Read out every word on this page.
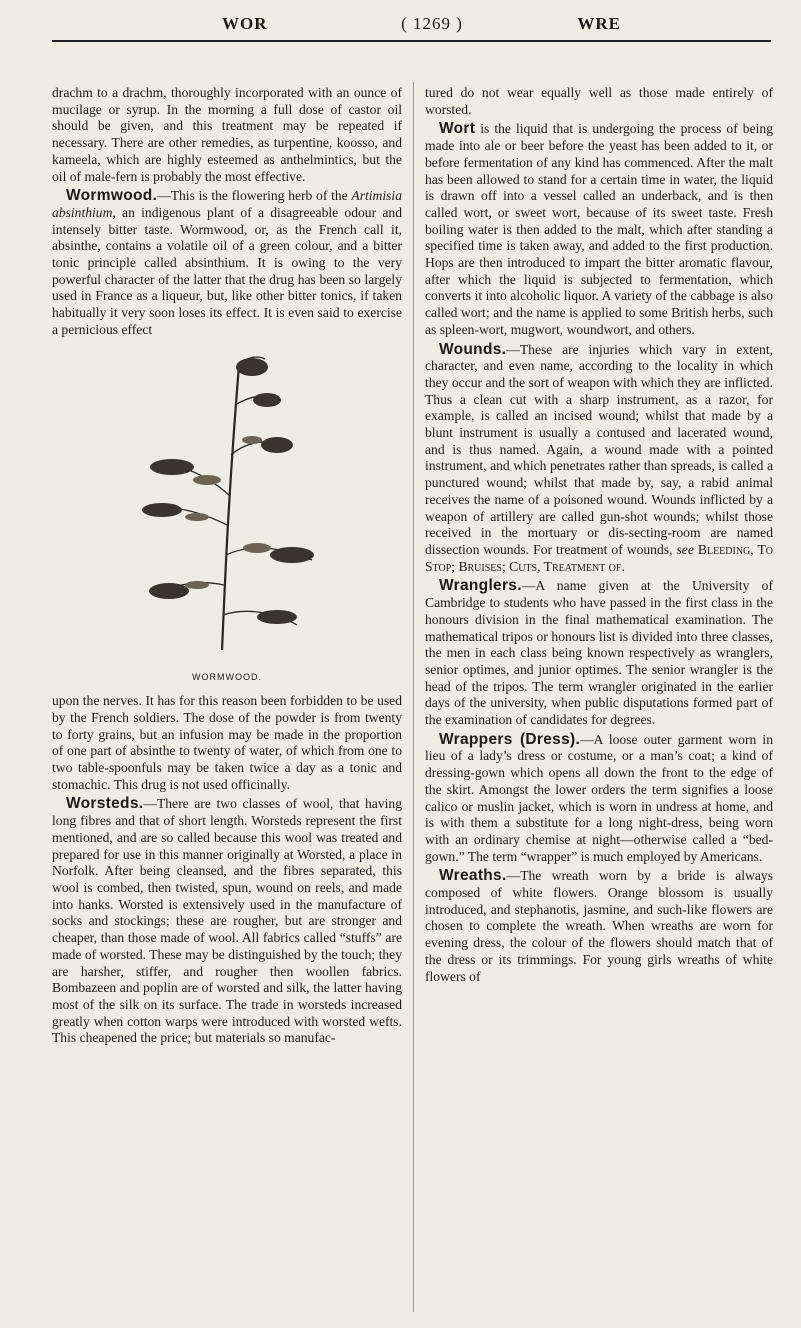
WOR	( 1269 )	WRE

drachm to a drachm, thoroughly incorporated with an ounce of mucilage or syrup. In the morning a full dose of castor oil should be given, and this treatment may be repeated if necessary. There are other remedies, as turpentine, koosso, and kameela, which are highly esteemed as anthelmintics, but the oil of male-fern is probably the most effective.

Wormwood.—This is the flowering herb of the Artimisia absinthium, an indigenous plant of a disagreeable odour and intensely bitter taste. Wormwood, or, as the French call it, absinthe, contains a volatile oil of a green colour, and a bitter tonic principle called absinthium. It is owing to the very powerful character of the latter that the drug has been so largely used in France as a liqueur, but, like other bitter tonics, if taken habitually it very soon loses its effect. It is even said to exercise a pernicious effect

WORMWOOD.

upon the nerves. It has for this reason been forbidden to be used by the French soldiers. The dose of the powder is from twenty to forty grains, but an infusion may be made in the proportion of one part of absinthe to twenty of water, of which from one to two table-spoonfuls may be taken twice a day as a tonic and stomachic. This drug is not used officinally.

Worsteds.—There are two classes of wool, that having long fibres and that of short length. Worsteds represent the first mentioned, and are so called because this wool was treated and prepared for use in this manner originally at Worsted, a place in Norfolk. After being cleansed, and the fibres separated, this wool is combed, then twisted, spun, wound on reels, and made into hanks. Worsted is extensively used in the manufacture of socks and stockings; these are rougher, but are stronger and cheaper, than those made of wool. All fabrics called “stuffs” are made of worsted. These may be distinguished by the touch; they are harsher, stiffer, and rougher then woollen fabrics. Bombazeen and poplin are of worsted and silk, the latter having most of the silk on its surface. The trade in worsteds increased greatly when cotton warps were introduced with worsted wefts. This cheapened the price; but materials so manufac-

tured do not wear equally well as those made entirely of worsted.

Wort is the liquid that is undergoing the process of being made into ale or beer before the yeast has been added to it, or before fermentation of any kind has commenced. After the malt has been allowed to stand for a certain time in water, the liquid is drawn off into a vessel called an underback, and is then called wort, or sweet wort, because of its sweet taste. Fresh boiling water is then added to the malt, which after standing a specified time is taken away, and added to the first production. Hops are then introduced to impart the bitter aromatic flavour, after which the liquid is subjected to fermentation, which converts it into alcoholic liquor. A variety of the cabbage is also called wort; and the name is applied to some British herbs, such as spleen-wort, mugwort, woundwort, and others.

Wounds.—These are injuries which vary in extent, character, and even name, according to the locality in which they occur and the sort of weapon with which they are inflicted. Thus a clean cut with a sharp instrument, as a razor, for example, is called an incised wound; whilst that made by a blunt instrument is usually a contused and lacerated wound, and is thus named. Again, a wound made with a pointed instrument, and which penetrates rather than spreads, is called a punctured wound; whilst that made by, say, a rabid animal receives the name of a poisoned wound. Wounds inflicted by a weapon of artillery are called gun-shot wounds; whilst those received in the mortuary or dis-secting-room are named dissection wounds. For treatment of wounds, see Bleeding, To Stop; Bruises; Cuts, Treatment of.

Wranglers.—A name given at the University of Cambridge to students who have passed in the first class in the honours division in the final mathematical examination. The mathematical tripos or honours list is divided into three classes, the men in each class being known respectively as wranglers, senior optimes, and junior optimes. The senior wrangler is the head of the tripos. The term wrangler originated in the earlier days of the university, when public disputations formed part of the examination of candidates for degrees.

Wrappers (Dress).—A loose outer garment worn in lieu of a lady’s dress or costume, or a man’s coat; a kind of dressing-gown which opens all down the front to the edge of the skirt. Amongst the lower orders the term signifies a loose calico or muslin jacket, which is worn in undress at home, and is with them a substitute for a long night-dress, being worn with an ordinary chemise at night—otherwise called a “bed-gown.” The term “wrapper” is much employed by Americans.

Wreaths.—The wreath worn by a bride is always composed of white flowers. Orange blossom is usually introduced, and stephanotis, jasmine, and such-like flowers are chosen to complete the wreath. When wreaths are worn for evening dress, the colour of the flowers should match that of the dress or its trimmings. For young girls wreaths of white flowers of
